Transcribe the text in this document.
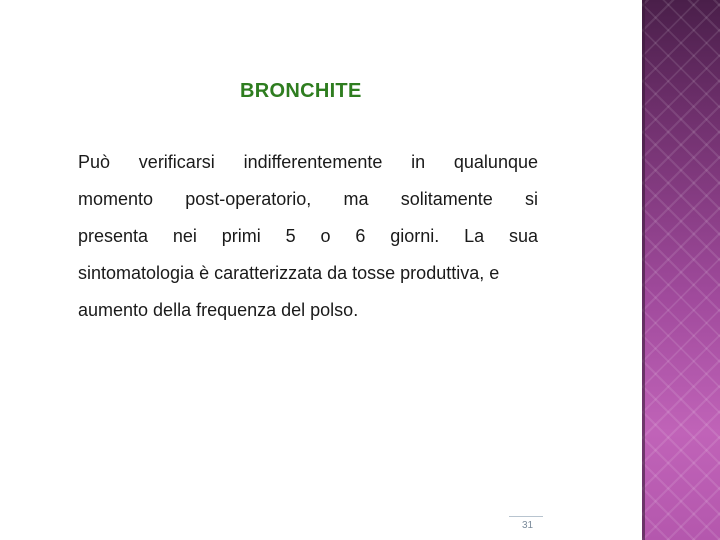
BRONCHITE
Può verificarsi indifferentemente in qualunque
momento post-operatorio, ma solitamente si
presenta nei primi 5 o 6 giorni. La sua
sintomatologia è caratterizzata da tosse produttiva, e
aumento della frequenza del polso.
31
